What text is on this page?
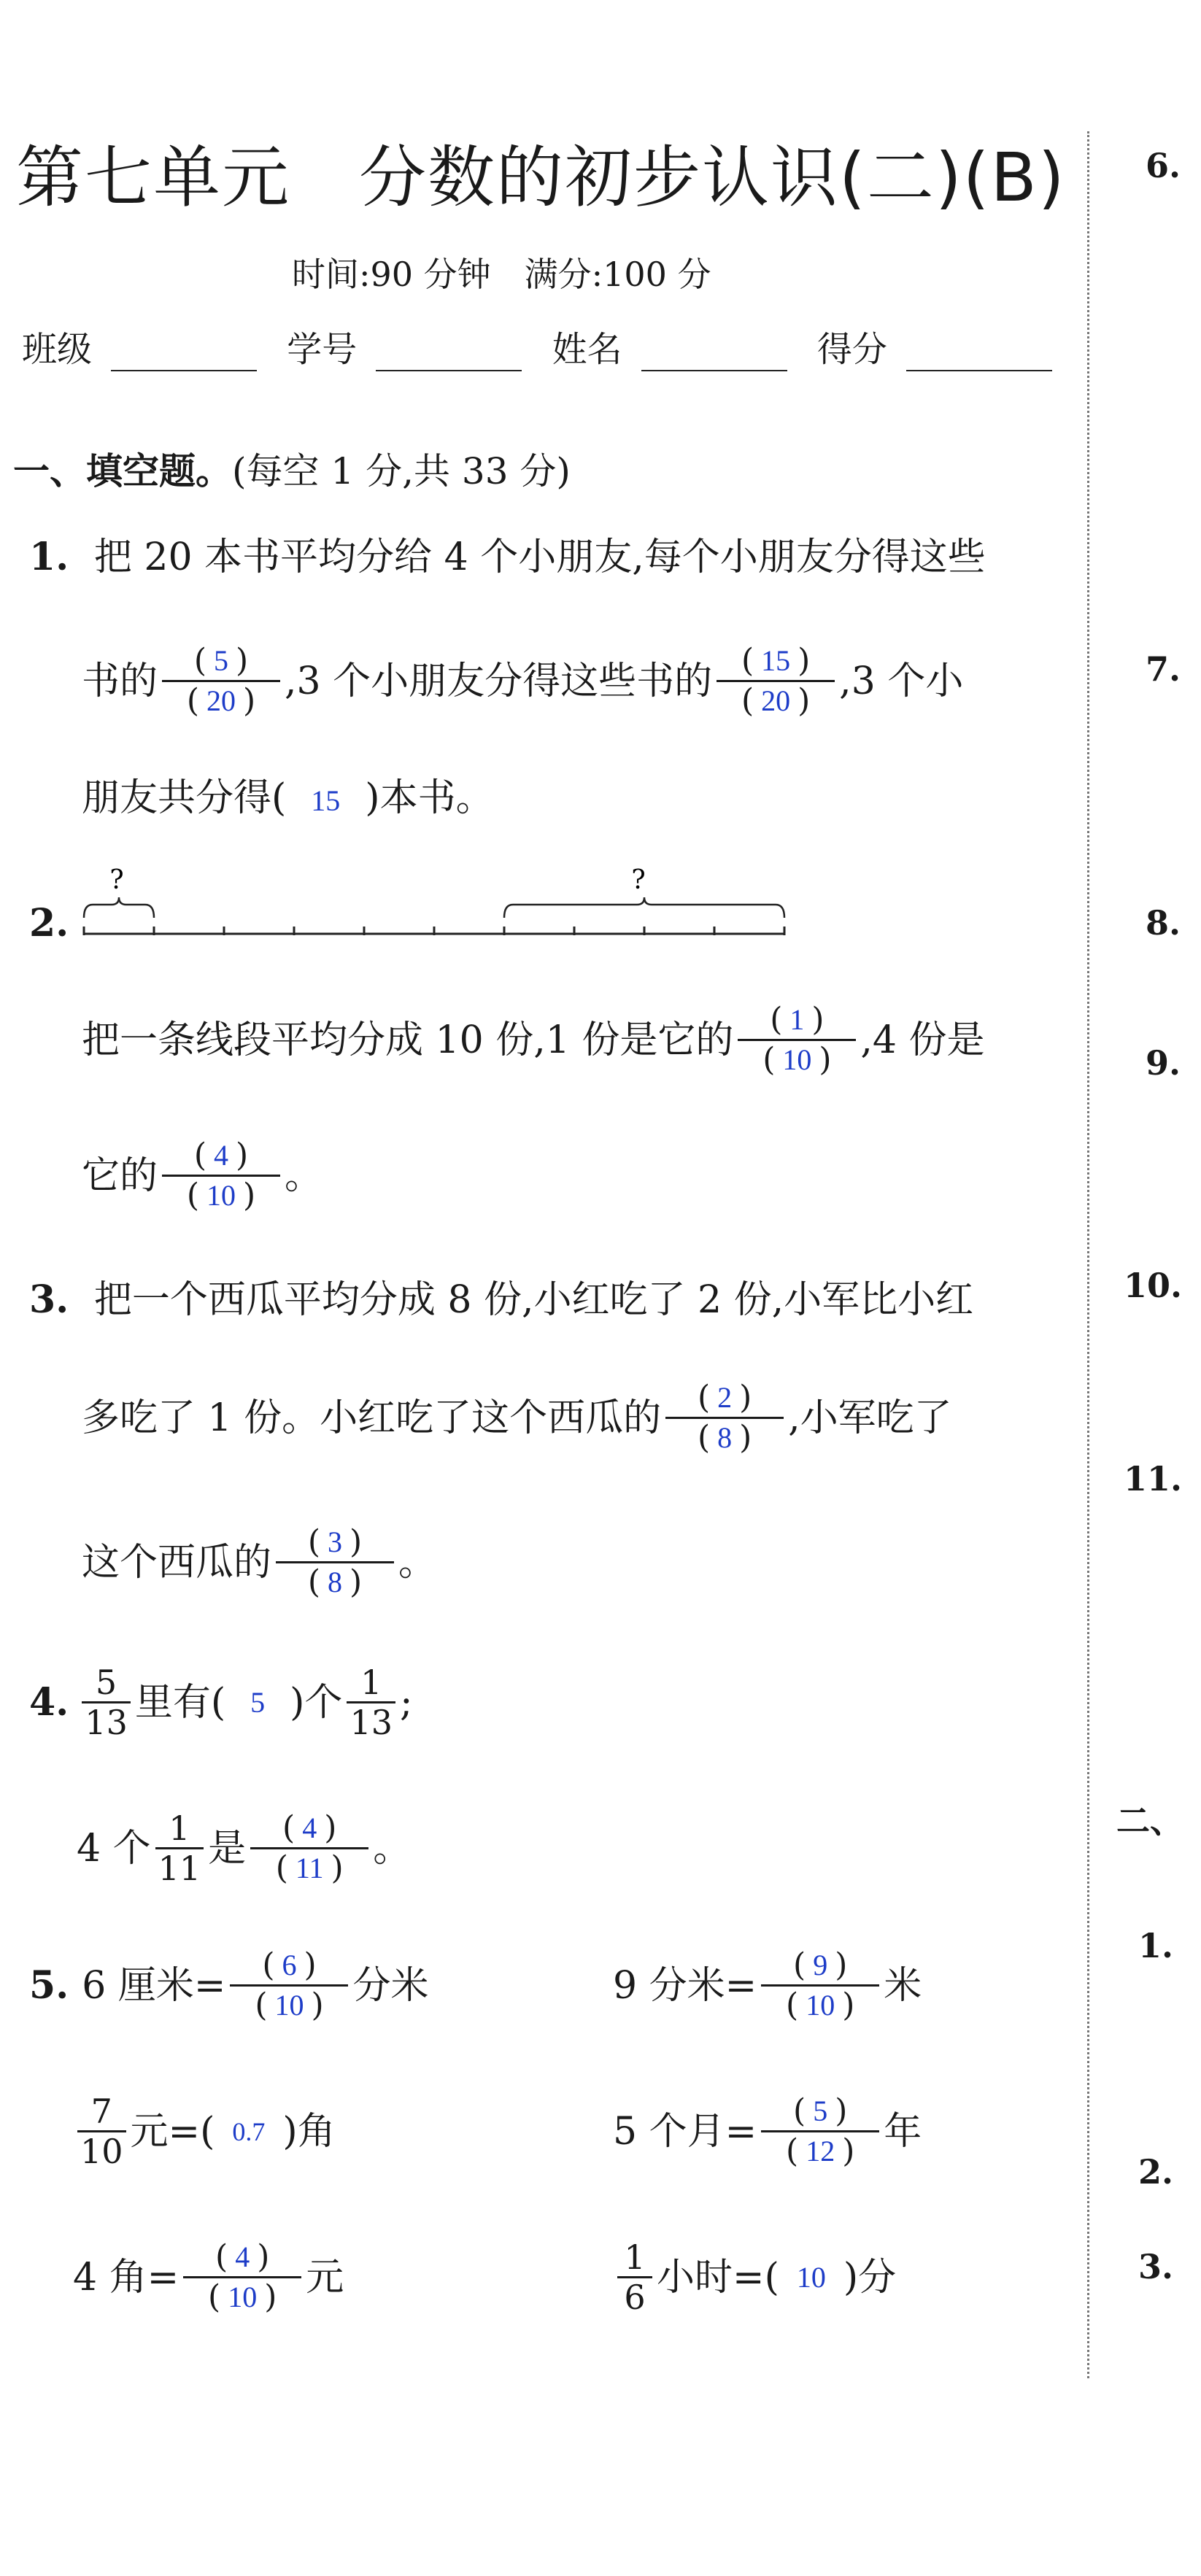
第七单元　分数的初步认识(二)(B)
时间:90 分钟　满分:100 分
班级	学号	姓名	得分
一、填空题。(每空 1 分,共 33 分)
1. 把 20 本书平均分给 4 个小朋友,每个小朋友分得这些
书的 $\frac{( 5 )}{( 20 )} ,3$ 个小朋友分得这些书的 $\frac{( 15 )}{( 20 )} ,3$ 个小
朋友共分得( 15 )本书。
2.
?	?
把一条线段平均分成 10 份,1 份是它的 $\frac{( 1 )}{( 10 )} ,4$ 份是
它的 $\frac{( 4 )}{( 10 )}$ 。
3. 把一个西瓜平均分成 8 份,小红吃了 2 份,小军比小红
多吃了 1 份。小红吃了这个西瓜的 $\frac{( 2 )}{( 8 )}$ ,小军吃了
这个西瓜的 $\frac{( 3 )}{( 8 )}$ 。
4. $\frac{5}{13}$ 里有( 5 )个 $\frac{1}{13}$ ;
4 个 $\frac{1}{11}$ 是 $\frac{( 4 )}{( 11 )}$ 。
5. 6 厘米= $\frac{( 6 )}{( 10 )}$ 分米	9 分米= $\frac{( 9 )}{( 10 )}$ 米
$\frac{7}{10}$ 元=( 0.7 )角	5 个月= $\frac{( 5 )}{( 12 )}$ 年
4 角= $\frac{( 4 )}{( 10 )}$ 元	$\frac{1}{6}$ 小时=( 10 )分
6.
7.
8.
9.
10.
11.
二、
1.
2.
3.
